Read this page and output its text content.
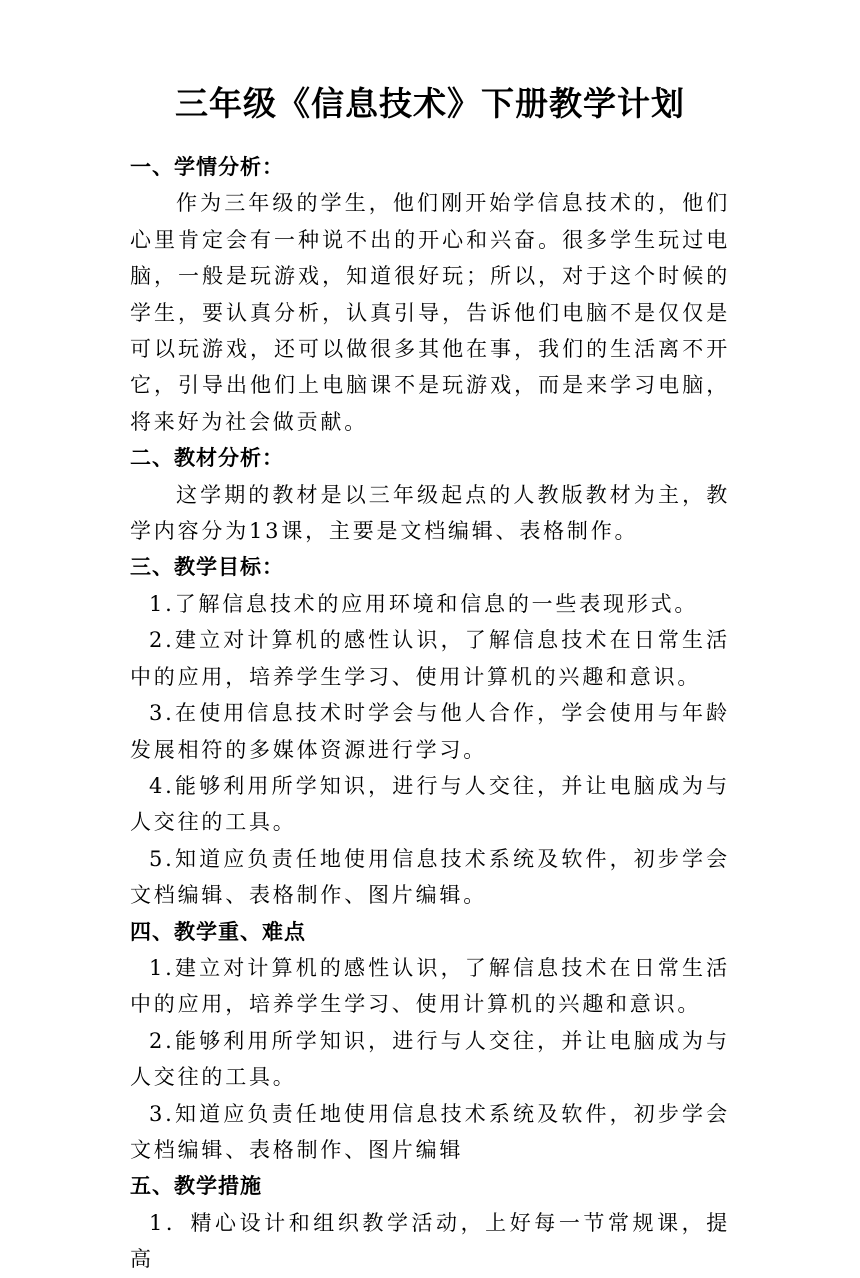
三年级《信息技术》下册教学计划

一、学情分析：

作为三年级的学生，他们刚开始学信息技术的，他们心里肯定会有一种说不出的开心和兴奋。很多学生玩过电脑，一般是玩游戏，知道很好玩；所以，对于这个时候的学生，要认真分析，认真引导，告诉他们电脑不是仅仅是可以玩游戏，还可以做很多其他在事，我们的生活离不开它，引导出他们上电脑课不是玩游戏，而是来学习电脑，将来好为社会做贡献。

二、教材分析：

这学期的教材是以三年级起点的人教版教材为主，教学内容分为13课，主要是文档编辑、表格制作。

三、教学目标：

1.了解信息技术的应用环境和信息的一些表现形式。

2.建立对计算机的感性认识，了解信息技术在日常生活中的应用，培养学生学习、使用计算机的兴趣和意识。

3.在使用信息技术时学会与他人合作，学会使用与年龄发展相符的多媒体资源进行学习。

4.能够利用所学知识，进行与人交往，并让电脑成为与人交往的工具。

5.知道应负责任地使用信息技术系统及软件，初步学会文档编辑、表格制作、图片编辑。

四、教学重、难点

1.建立对计算机的感性认识，了解信息技术在日常生活中的应用，培养学生学习、使用计算机的兴趣和意识。

2.能够利用所学知识，进行与人交往，并让电脑成为与人交往的工具。

3.知道应负责任地使用信息技术系统及软件，初步学会文档编辑、表格制作、图片编辑

五、教学措施

1．精心设计和组织教学活动，上好每一节常规课，提高
